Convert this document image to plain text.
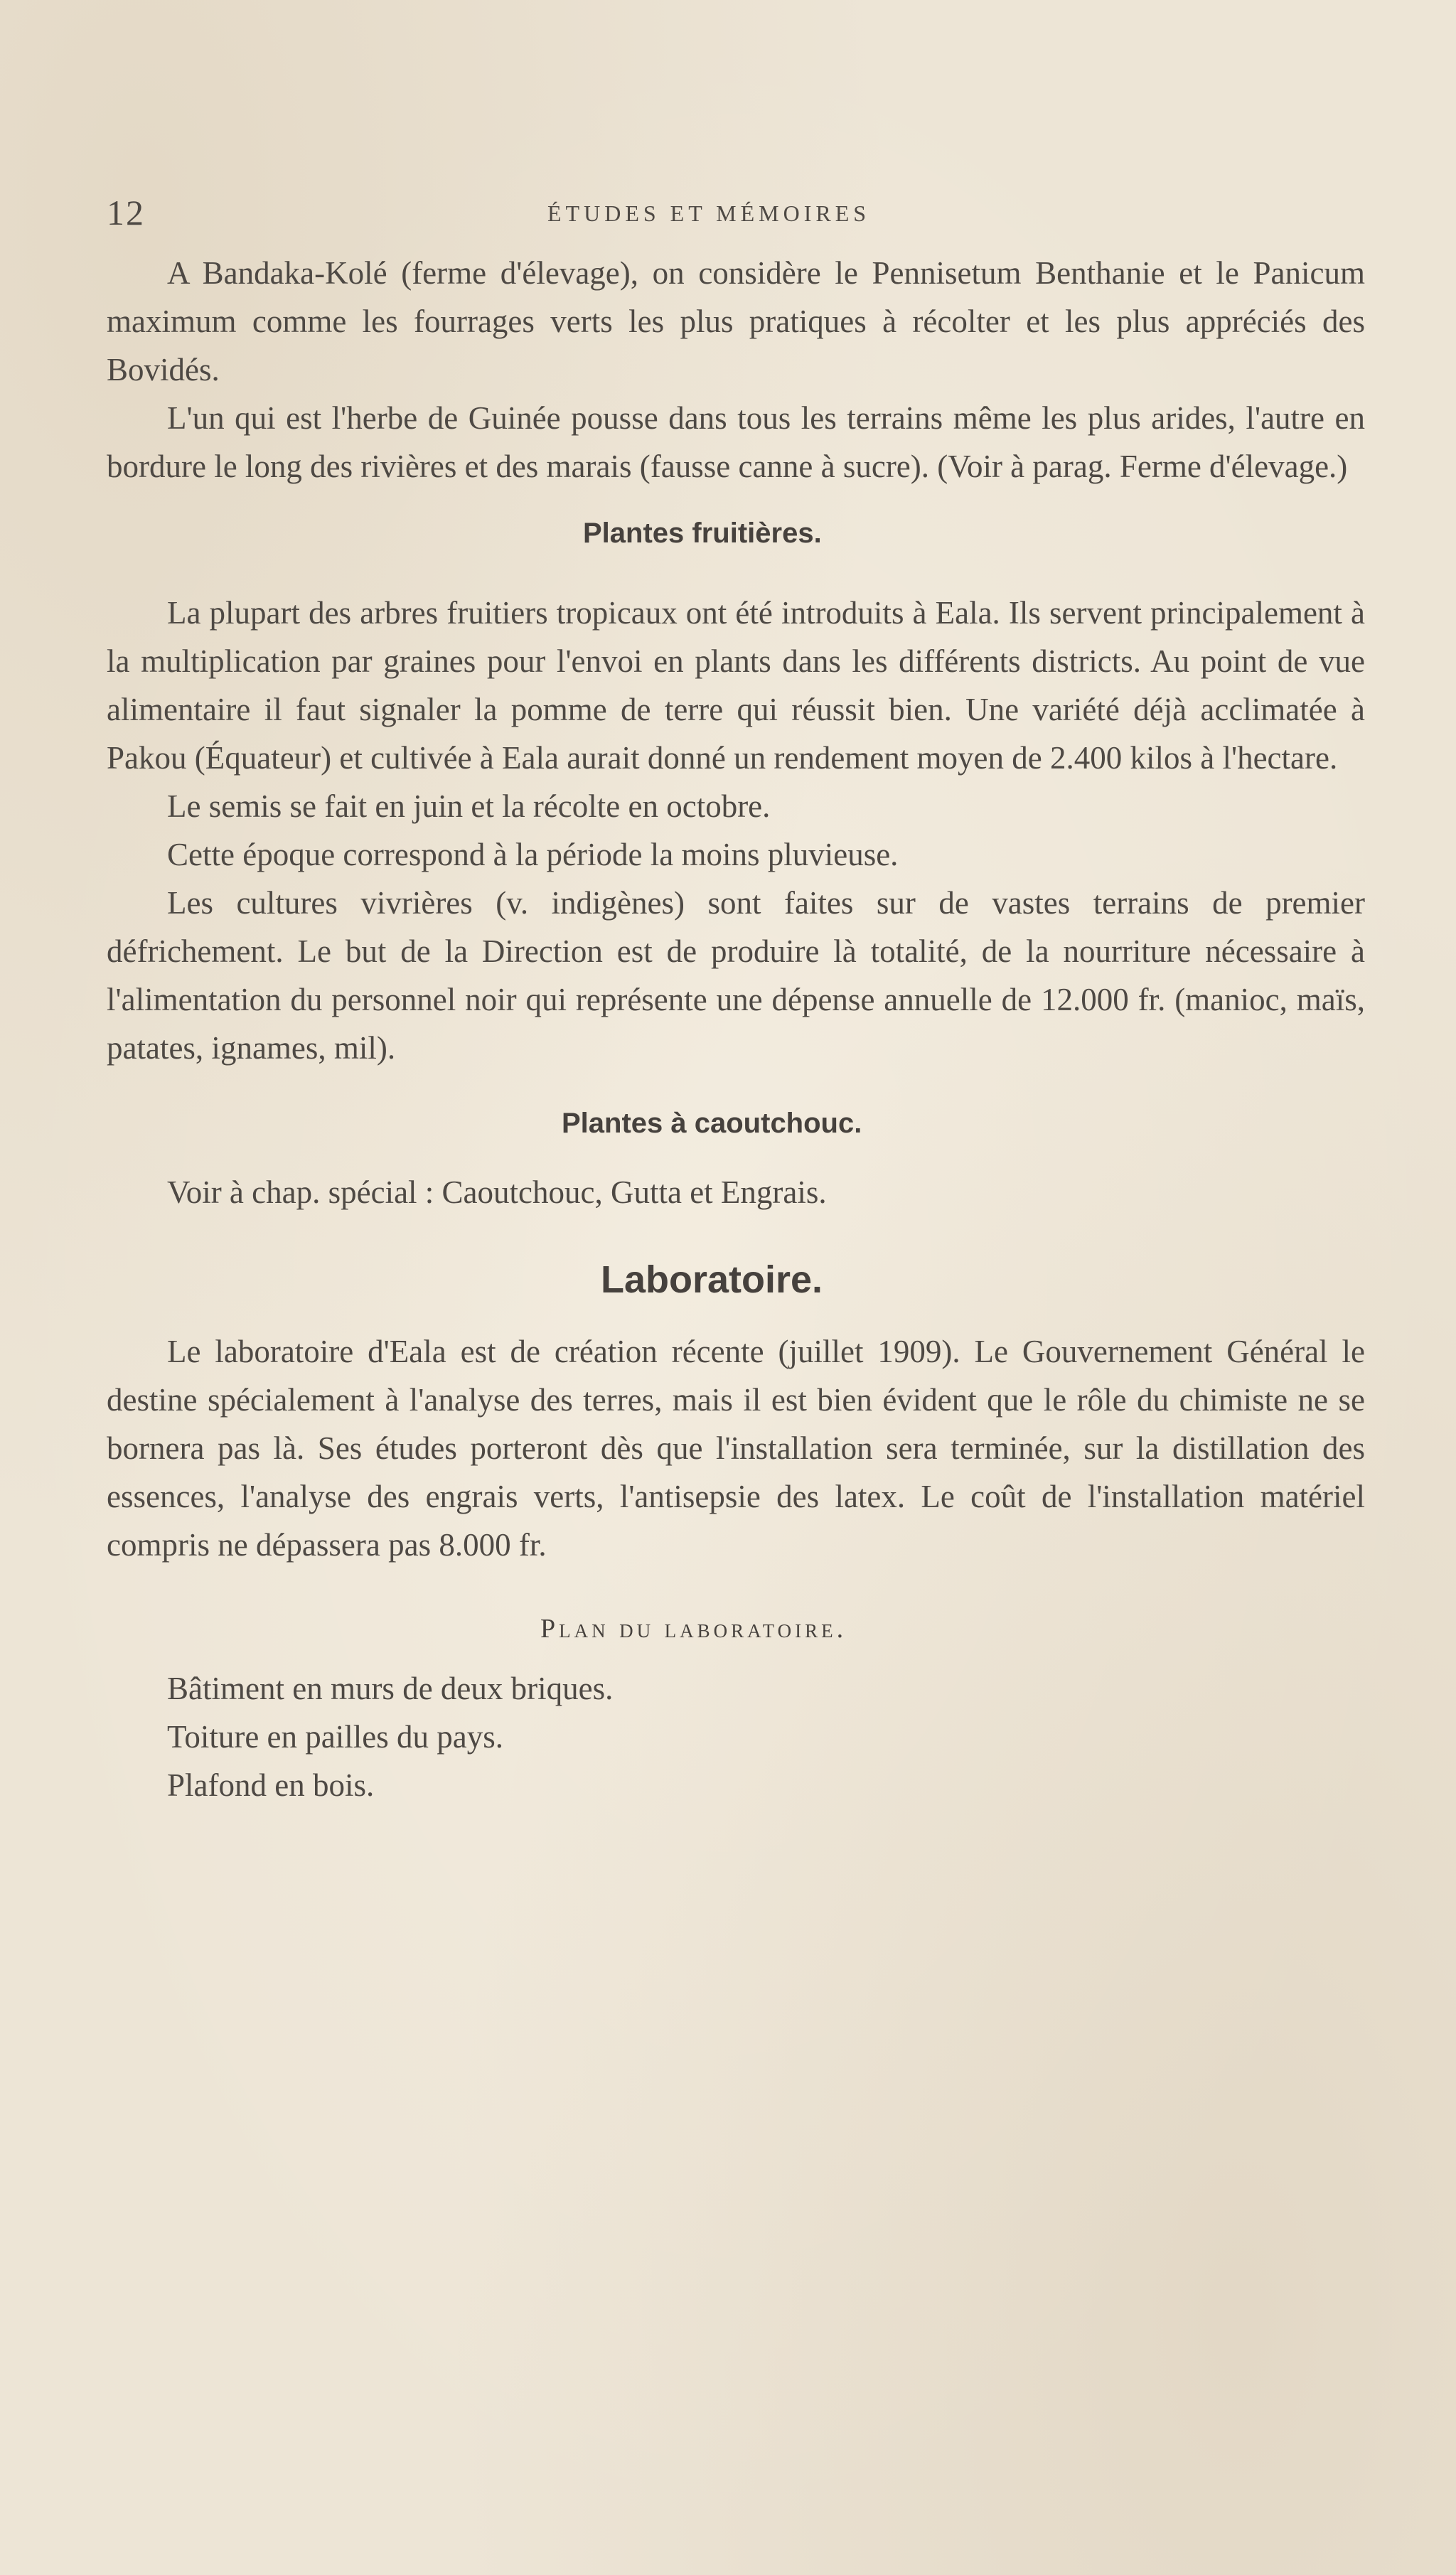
12	ÉTUDES ET MÉMOIRES

A Bandaka-Kolé (ferme d'élevage), on considère le Pennisetum Benthanie et le Panicum maximum comme les fourrages verts les plus pratiques à récolter et les plus appréciés des Bovidés.

L'un qui est l'herbe de Guinée pousse dans tous les terrains même les plus arides, l'autre en bordure le long des rivières et des marais (fausse canne à sucre). (Voir à parag. Ferme d'élevage.)

Plantes fruitières.

La plupart des arbres fruitiers tropicaux ont été introduits à Eala. Ils servent principalement à la multiplication par graines pour l'envoi en plants dans les différents districts. Au point de vue alimentaire il faut signaler la pomme de terre qui réussit bien. Une variété déjà acclimatée à Pakou (Équateur) et cultivée à Eala aurait donné un rendement moyen de 2.400 kilos à l'hectare.

Le semis se fait en juin et la récolte en octobre.

Cette époque correspond à la période la moins pluvieuse.

Les cultures vivrières (v. indigènes) sont faites sur de vastes terrains de premier défrichement. Le but de la Direction est de produire là totalité, de la nourriture nécessaire à l'alimentation du personnel noir qui représente une dépense annuelle de 12.000 fr. (manioc, maïs, patates, ignames, mil).

Plantes à caoutchouc.

Voir à chap. spécial : Caoutchouc, Gutta et Engrais.

Laboratoire.

Le laboratoire d'Eala est de création récente (juillet 1909). Le Gouvernement Général le destine spécialement à l'analyse des terres, mais il est bien évident que le rôle du chimiste ne se bornera pas là. Ses études porteront dès que l'installation sera terminée, sur la distillation des essences, l'analyse des engrais verts, l'antisepsie des latex. Le coût de l'installation matériel compris ne dépassera pas 8.000 fr.

Plan du laboratoire.

Bâtiment en murs de deux briques.

Toiture en pailles du pays.

Plafond en bois.
